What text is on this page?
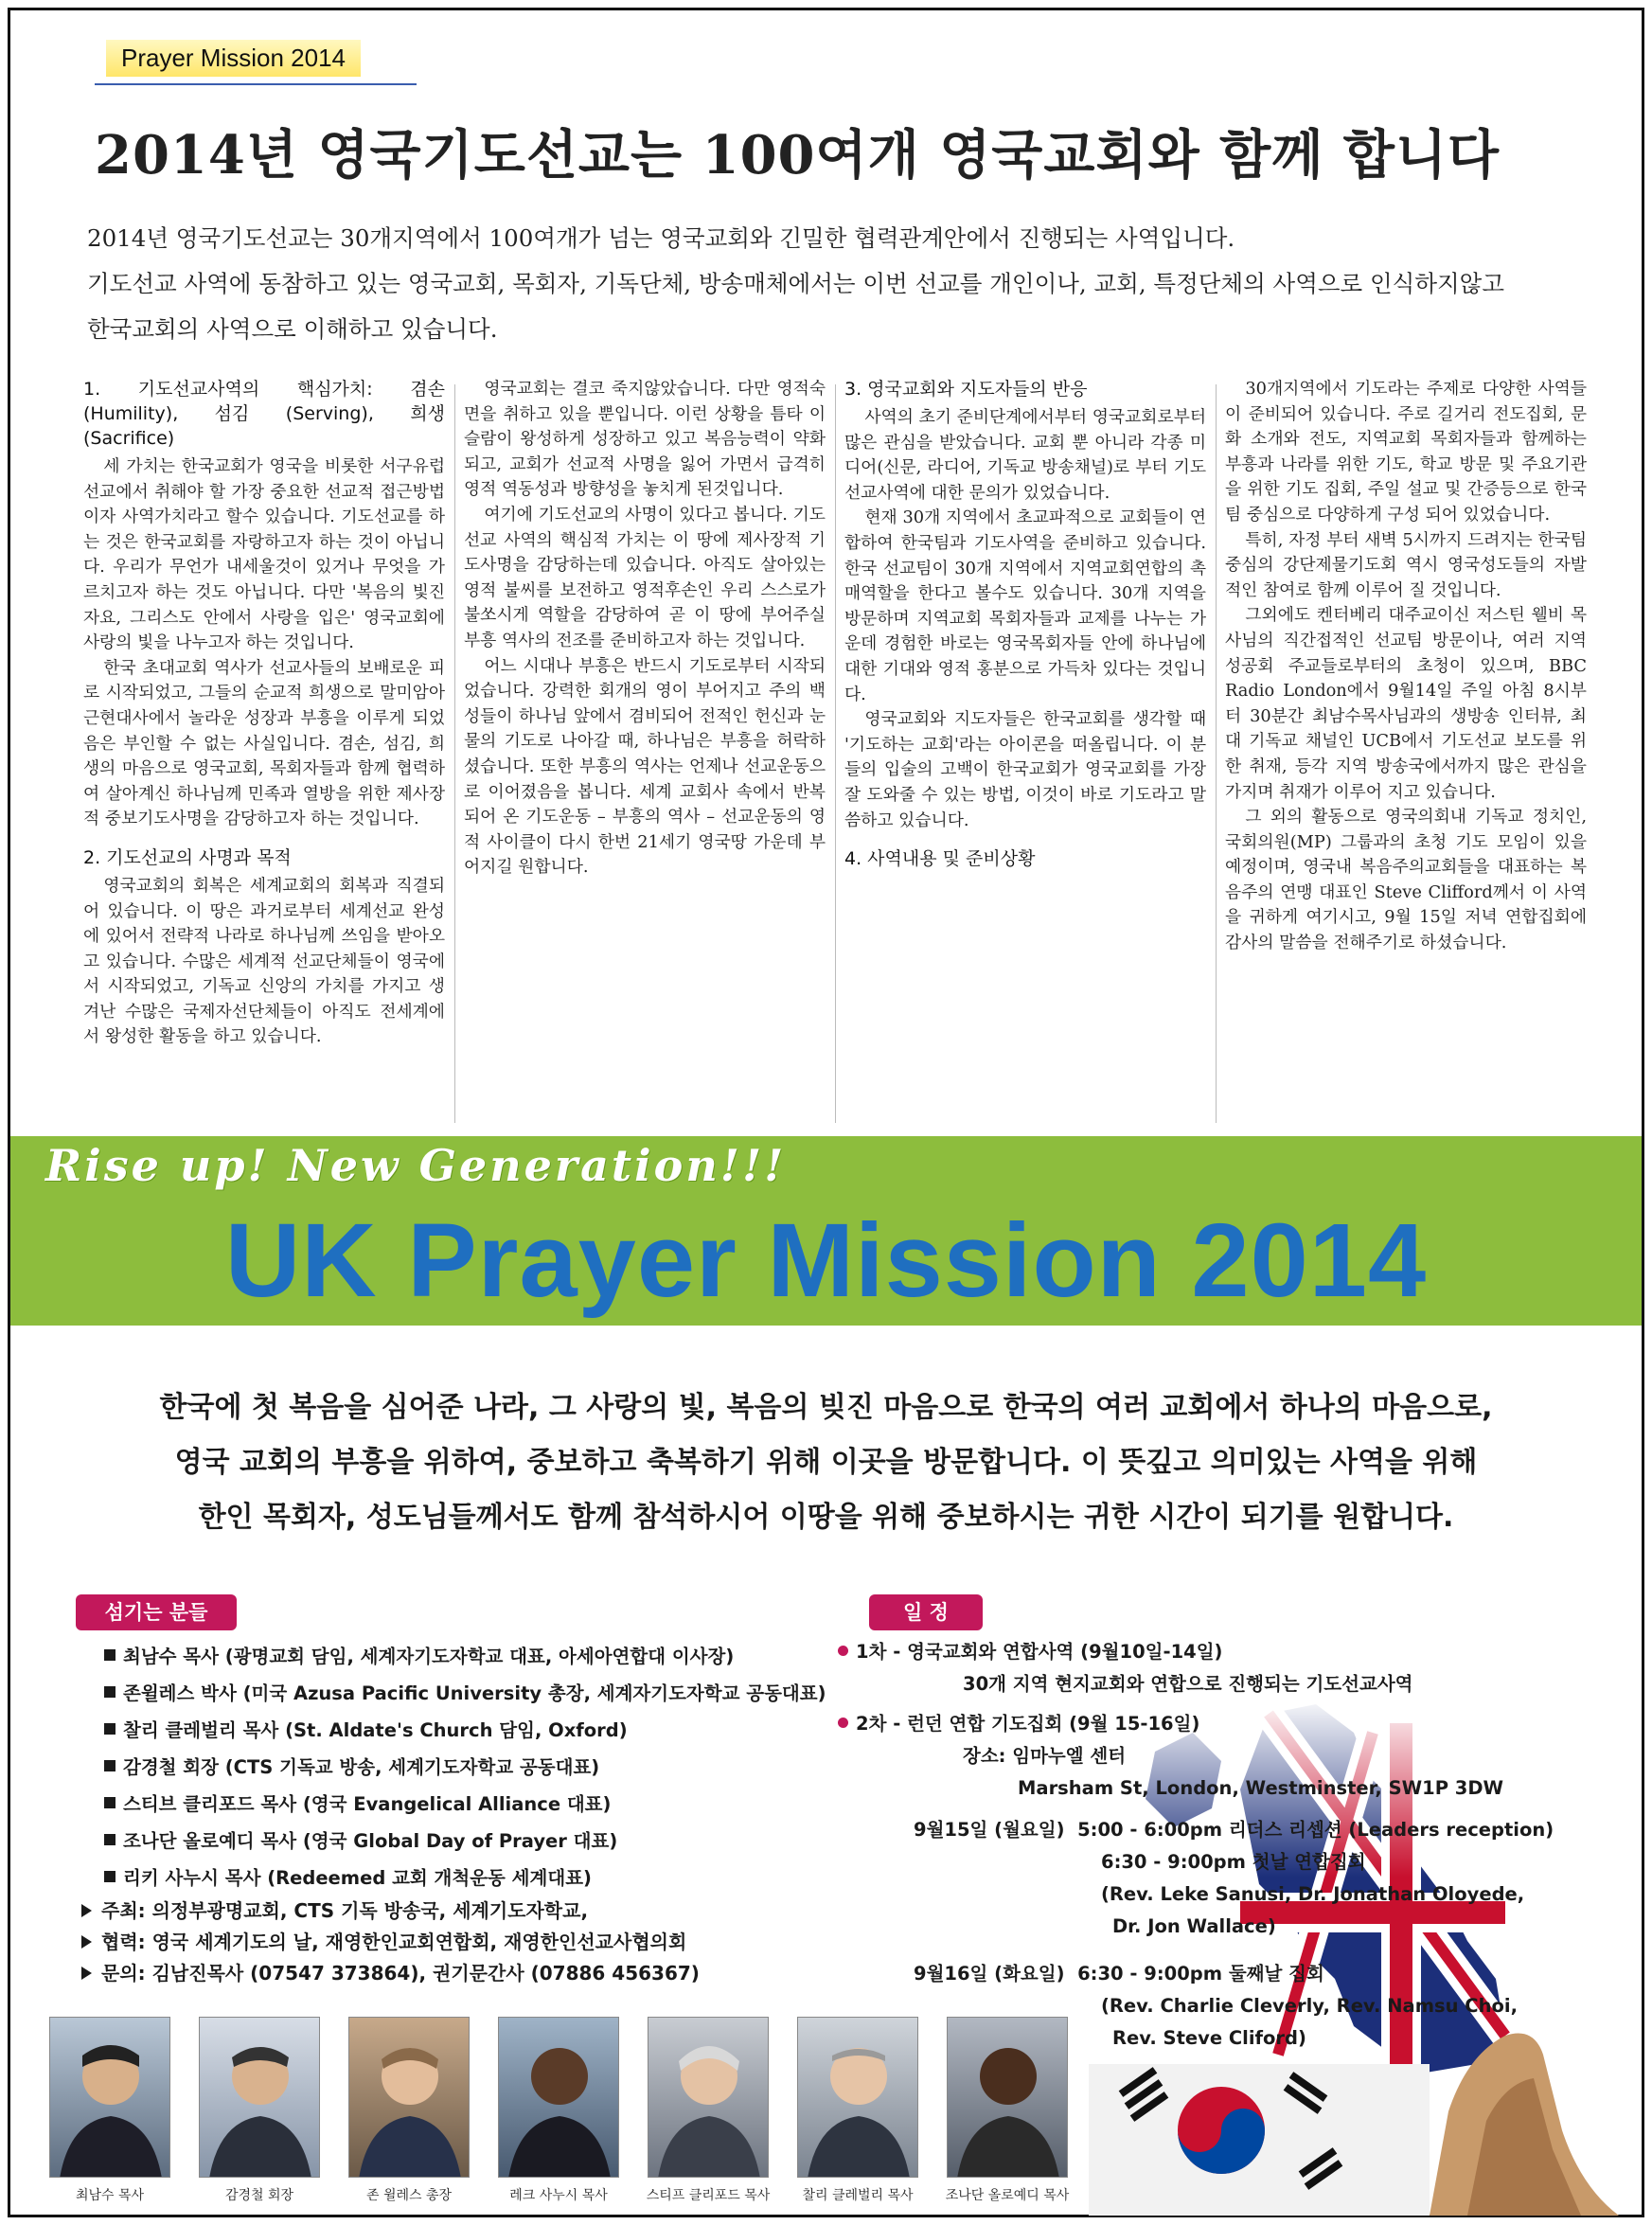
Prayer Mission 2014
2014년 영국기도선교는 100여개 영국교회와 함께 합니다

2014년 영국기도선교는 30개지역에서 100여개가 넘는 영국교회와 긴밀한 협력관계안에서 진행되는 사역입니다.

기도선교 사역에 동참하고 있는 영국교회, 목회자, 기독단체, 방송매체에서는 이번 선교를 개인이나, 교회, 특정단체의 사역으로 인식하지않고

한국교회의 사역으로 이해하고 있습니다.

1. 기도선교사역의 핵심가치: 겸손 (Humility), 섬김 (Serving), 희생 (Sacrifice)

세 가치는 한국교회가 영국을 비롯한 서구유럽선교에서 취해야 할 가장 중요한 선교적 접근방법이자 사역가치라고 할수 있습니다. 기도선교를 하는 것은 한국교회를 자랑하고자 하는 것이 아닙니다. 우리가 무언가 내세울것이 있거나 무엇을 가르치고자 하는 것도 아닙니다. 다만 '복음의 빛진 자요, 그리스도 안에서 사랑을 입은' 영국교회에 사랑의 빛을 나누고자 하는 것입니다.

한국 초대교회 역사가 선교사들의 보배로운 피로 시작되었고, 그들의 순교적 희생으로 말미암아 근현대사에서 놀라운 성장과 부흥을 이루게 되었음은 부인할 수 없는 사실입니다. 겸손, 섬김, 희생의 마음으로 영국교회, 목회자들과 함께 협력하여 살아계신 하나님께 민족과 열방을 위한 제사장적 중보기도사명을 감당하고자 하는 것입니다.

2. 기도선교의 사명과 목적

영국교회의 회복은 세계교회의 회복과 직결되어 있습니다. 이 땅은 과거로부터 세계선교 완성에 있어서 전략적 나라로 하나님께 쓰임을 받아오고 있습니다. 수많은 세계적 선교단체들이 영국에서 시작되었고, 기독교 신앙의 가치를 가지고 생겨난 수많은 국제자선단체들이 아직도 전세계에서 왕성한 활동을 하고 있습니다.

영국교회는 결코 죽지않았습니다. 다만 영적숙면을 취하고 있을 뿐입니다. 이런 상황을 틈타 이슬람이 왕성하게 성장하고 있고 복음능력이 약화되고, 교회가 선교적 사명을 잃어 가면서 급격히 영적 역동성과 방향성을 놓치게 된것입니다.

여기에 기도선교의 사명이 있다고 봅니다. 기도선교 사역의 핵심적 가치는 이 땅에 제사장적 기도사명을 감당하는데 있습니다. 아직도 살아있는 영적 불씨를 보전하고 영적후손인 우리 스스로가 불쏘시게 역할을 감당하여 곧 이 땅에 부어주실 부흥 역사의 전조를 준비하고자 하는 것입니다.

어느 시대나 부흥은 반드시 기도로부터 시작되었습니다. 강력한 회개의 영이 부어지고 주의 백성들이 하나님 앞에서 겸비되어 전적인 헌신과 눈물의 기도로 나아갈 때, 하나님은 부흥을 허락하셨습니다. 또한 부흥의 역사는 언제나 선교운동으로 이어졌음을 봅니다. 세계 교회사 속에서 반복되어 온 기도운동 – 부흥의 역사 – 선교운동의 영적 사이클이 다시 한번 21세기 영국땅 가운데 부어지길 원합니다.

3. 영국교회와 지도자들의 반응

사역의 초기 준비단계에서부터 영국교회로부터 많은 관심을 받았습니다. 교회 뿐 아니라 각종 미디어(신문, 라디어, 기독교 방송채널)로 부터 기도선교사역에 대한 문의가 있었습니다.

현재 30개 지역에서 초교파적으로 교회들이 연합하여 한국팀과 기도사역을 준비하고 있습니다. 한국 선교팀이 30개 지역에서 지역교회연합의 촉매역할을 한다고 볼수도 있습니다. 30개 지역을 방문하며 지역교회 목회자들과 교제를 나누는 가운데 경험한 바로는 영국목회자들 안에 하나님에 대한 기대와 영적 홍분으로 가득차 있다는 것입니다.

영국교회와 지도자들은 한국교회를 생각할 때 '기도하는 교회'라는 아이콘을 떠올립니다. 이 분들의 입술의 고백이 한국교회가 영국교회를 가장 잘 도와줄 수 있는 방법, 이것이 바로 기도라고 말씀하고 있습니다.

4. 사역내용 및 준비상황

30개지역에서 기도라는 주제로 다양한 사역들이 준비되어 있습니다. 주로 길거리 전도집회, 문화 소개와 전도, 지역교회 목회자들과 함께하는 부흥과 나라를 위한 기도, 학교 방문 및 주요기관을 위한 기도 집회, 주일 설교 및 간증등으로 한국팀 중심으로 다양하게 구성 되어 있었습니다.

특히, 자정 부터 새벽 5시까지 드려지는 한국팀 중심의 강단제물기도회 역시 영국성도들의 자발적인 참여로 함께 이루어 질 것입니다.

그외에도 켄터베리 대주교이신 저스틴 웰비 목사님의 직간접적인 선교팀 방문이나, 여러 지역 성공회 주교들로부터의 초청이 있으며, BBC Radio London에서 9월14일 주일 아침 8시부터 30분간 최남수목사님과의 생방송 인터뷰, 최대 기독교 채널인 UCB에서 기도선교 보도를 위한 취재, 등각 지역 방송국에서까지 많은 관심을 가지며 취재가 이루어 지고 있습니다.

그 외의 활동으로 영국의회내 기독교 정치인, 국회의원(MP) 그룹과의 초청 기도 모임이 있을 예정이며, 영국내 복음주의교회들을 대표하는 복음주의 연맹 대표인 Steve Clifford께서 이 사역을 귀하게 여기시고, 9월 15일 저녁 연합집회에 감사의 말씀을 전해주기로 하셨습니다.

Rise up! New Generation!!!
UK Prayer Mission 2014

한국에 첫 복음을 심어준 나라, 그 사랑의 빛, 복음의 빚진 마음으로 한국의 여러 교회에서 하나의 마음으로,

영국 교회의 부흥을 위하여, 중보하고 축복하기 위해 이곳을 방문합니다. 이 뜻깊고 의미있는 사역을 위해

한인 목회자, 성도님들께서도 함께 참석하시어 이땅을 위해 중보하시는 귀한 시간이 되기를 원합니다.

섬기는 분들
최남수 목사 (광명교회 담임, 세계자기도자학교 대표, 아세아연합대 이사장)
존윌레스 박사 (미국 Azusa Pacific University 총장, 세계자기도자학교 공동대표)
찰리 클레벌리 목사 (St. Aldate's Church 담임, Oxford)
감경철 회장 (CTS 기독교 방송, 세계기도자학교 공동대표)
스티브 클리포드 목사 (영국 Evangelical Alliance 대표)
조나단 올로예디 목사 (영국 Global Day of Prayer 대표)
리키 사누시 목사 (Redeemed 교회 개척운동 세계대표)
주최: 의정부광명교회, CTS 기독 방송국, 세계기도자학교,
협력: 영국 세계기도의 날, 재영한인교회연합회, 재영한인선교사협의회
문의: 김남진목사 (07547 373864), 권기문간사 (07886 456367)
일 정
1차 - 영국교회와 연합사역 (9월10일-14일)
30개 지역 현지교회와 연합으로 진행되는 기도선교사역
2차 - 런던 연합 기도집회 (9월 15-16일)
장소: 임마누엘 센터
Marsham St, London, Westminster, SW1P 3DW
9월15일 (월요일) 5:00 - 6:00pm 리더스 리셉션 (Leaders reception)
6:30 - 9:00pm 첫날 연합집회
(Rev. Leke Sanusi, Dr. Jonathan Oloyede,
Dr. Jon Wallace)
9월16일 (화요일) 6:30 - 9:00pm 둘째날 집회
(Rev. Charlie Cleverly, Rev. Namsu Choi,
Rev. Steve Cliford)
최남수 목사	감경철 회장	존 윌레스 총장	레크 사누시 목사	스티프 클리포드 목사	찰리 클레벌리 목사	조나단 올로예디 목사
